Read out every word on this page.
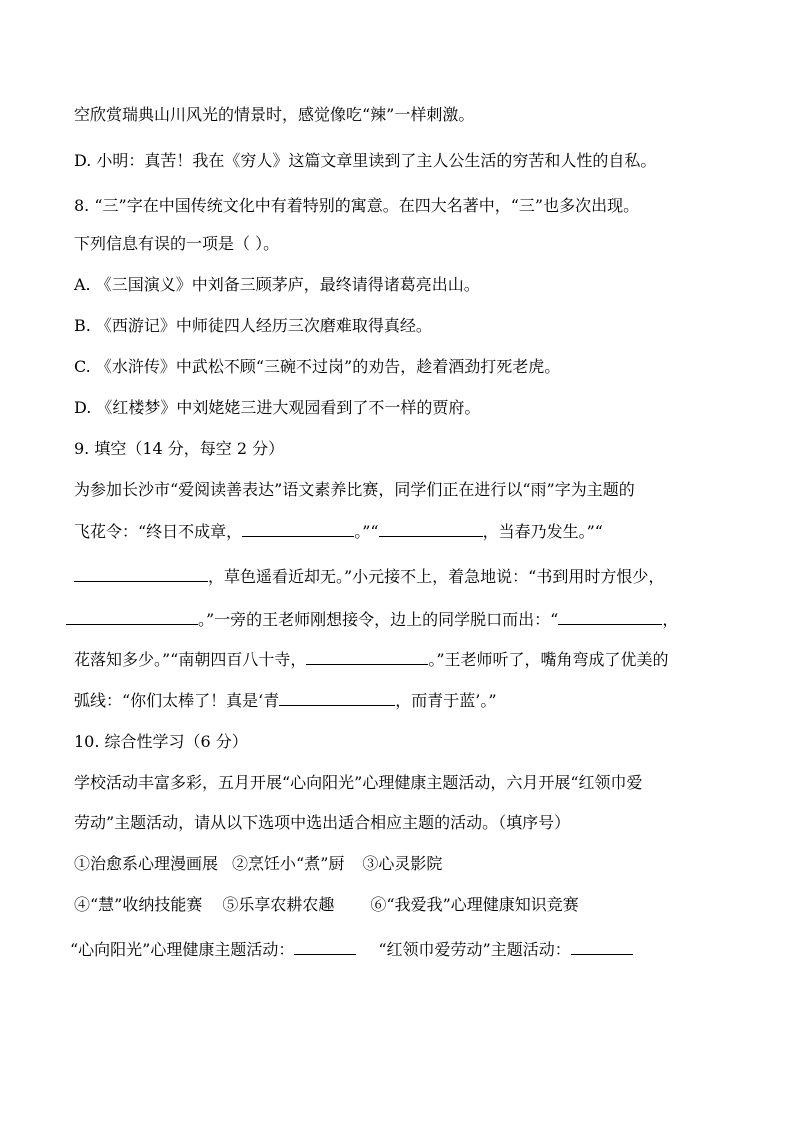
空欣赏瑞典山川风光的情景时，感觉像吃“辣”一样刺激。
D. 小明：真苦！我在《穷人》这篇文章里读到了主人公生活的穷苦和人性的自私。
8. “三”字在中国传统文化中有着特别的寓意。在四大名著中，“三”也多次出现。
下列信息有误的一项是（ ）。
A. 《三国演义》中刘备三顾茅庐，最终请得诸葛亮出山。
B. 《西游记》中师徒四人经历三次磨难取得真经。
C. 《水浒传》中武松不顾“三碗不过岗”的劝告，趁着酒劲打死老虎。
D. 《红楼梦》中刘姥姥三进大观园看到了不一样的贾府。
9. 填空（14 分，每空 2 分）
为参加长沙市“爱阅读善表达”语文素养比赛，同学们正在进行以“雨”字为主题的
飞花令：“终日不成章，	。”“	，当春乃发生。”“
，草色遥看近却无。”小元接不上，着急地说：“书到用时方恨少，
。”一旁的王老师刚想接令，边上的同学脱口而出：“	，
花落知多少。”“南朝四百八十寺，	。”王老师听了，嘴角弯成了优美的
弧线：“你们太棒了！真是‘青	，而青于蓝’。”
10. 综合性学习（6 分）
学校活动丰富多彩，五月开展“心向阳光”心理健康主题活动，六月开展“红领巾爱
劳动”主题活动，请从以下选项中选出适合相应主题的活动。（填序号）
①治愈系心理漫画展 ②烹饪小“煮”厨 ③心灵影院
④“慧”收纳技能赛 ⑤乐享农耕农趣 ⑥“我爱我”心理健康知识竞赛
“心向阳光”心理健康主题活动：	“红领巾爱劳动”主题活动：
